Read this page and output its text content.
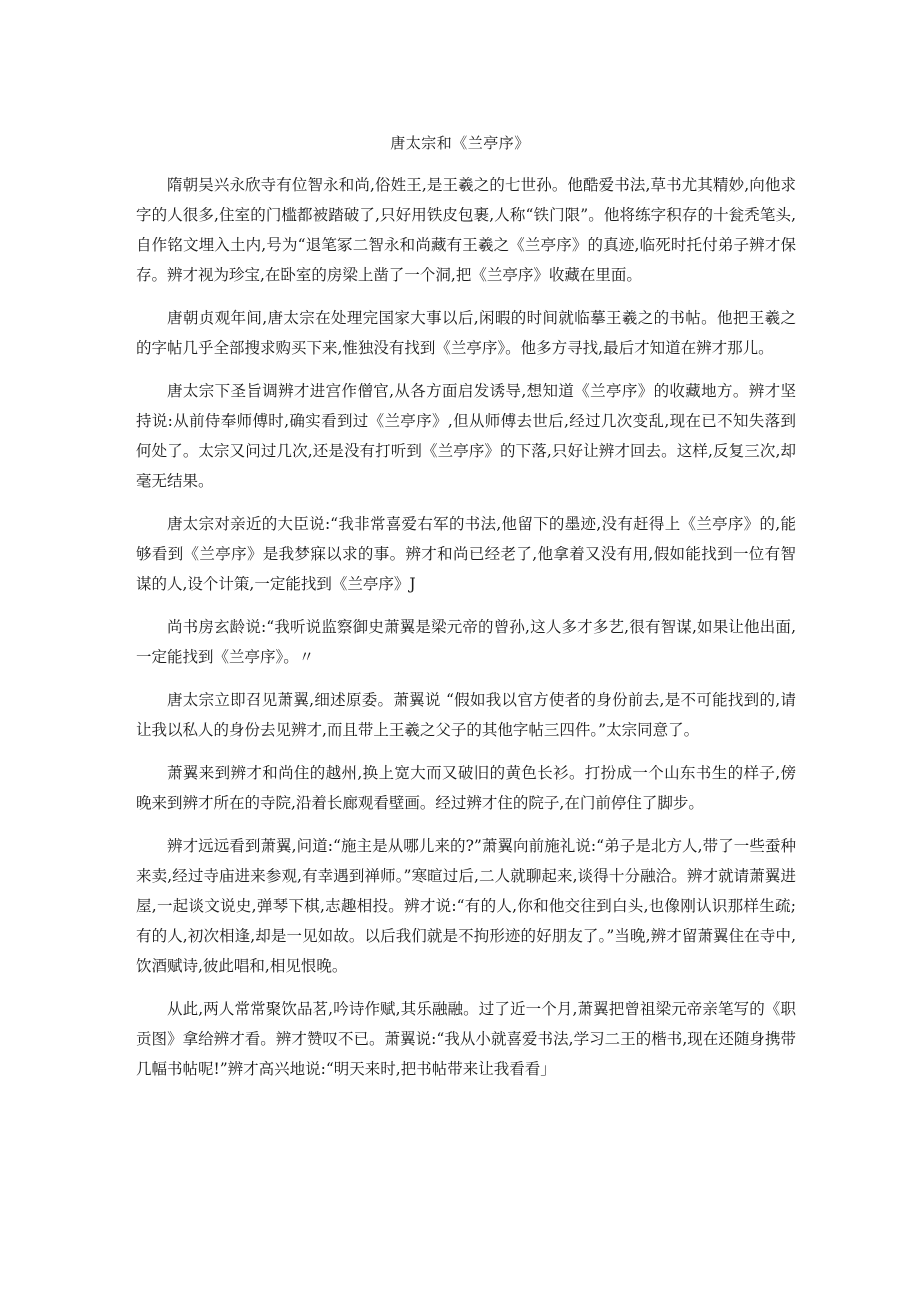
唐太宗和《兰亭序》

隋朝吴兴永欣寺有位智永和尚,俗姓王,是王羲之的七世孙。他酷爱书法,草书尤其精妙,向他求字的人很多,住室的门槛都被踏破了,只好用铁皮包裹,人称“铁门限”。他将练字积存的十瓮秃笔头,自作铭文埋入土内,号为“退笔冢二智永和尚藏有王羲之《兰亭序》的真迹,临死时托付弟子辨才保存。辨才视为珍宝,在卧室的房梁上凿了一个洞,把《兰亭序》收藏在里面。

唐朝贞观年间,唐太宗在处理完国家大事以后,闲暇的时间就临摹王羲之的书帖。他把王羲之的字帖几乎全部搜求购买下来,惟独没有找到《兰亭序》。他多方寻找,最后才知道在辨才那儿。

唐太宗下圣旨调辨才进宫作僧官,从各方面启发诱导,想知道《兰亭序》的收藏地方。辨才坚持说:从前侍奉师傅时,确实看到过《兰亭序》,但从师傅去世后,经过几次变乱,现在已不知失落到何处了。太宗又问过几次,还是没有打听到《兰亭序》的下落,只好让辨才回去。这样,反复三次,却毫无结果。

唐太宗对亲近的大臣说:“我非常喜爱右军的书法,他留下的墨迹,没有赶得上《兰亭序》的,能够看到《兰亭序》是我梦寐以求的事。辨才和尚已经老了,他拿着又没有用,假如能找到一位有智谋的人,设个计策,一定能找到《兰亭序》J

尚书房玄龄说:“我听说监察御史萧翼是梁元帝的曾孙,这人多才多艺,很有智谋,如果让他出面,一定能找到《兰亭序》。〃

唐太宗立即召见萧翼,细述原委。萧翼说 “假如我以官方使者的身份前去,是不可能找到的,请让我以私人的身份去见辨才,而且带上王羲之父子的其他字帖三四件。”太宗同意了。

萧翼来到辨才和尚住的越州,换上宽大而又破旧的黄色长衫。打扮成一个山东书生的样子,傍晚来到辨才所在的寺院,沿着长廊观看壁画。经过辨才住的院子,在门前停住了脚步。

辨才远远看到萧翼,问道:“施主是从哪儿来的?”萧翼向前施礼说:“弟子是北方人,带了一些蚕种来卖,经过寺庙进来参观,有幸遇到禅师。”寒暄过后,二人就聊起来,谈得十分融洽。辨才就请萧翼进屋,一起谈文说史,弹琴下棋,志趣相投。辨才说:“有的人,你和他交往到白头,也像刚认识那样生疏;有的人,初次相逢,却是一见如故。以后我们就是不拘形迹的好朋友了。”当晚,辨才留萧翼住在寺中,饮酒赋诗,彼此唱和,相见恨晚。

从此,两人常常聚饮品茗,吟诗作赋,其乐融融。过了近一个月,萧翼把曾祖梁元帝亲笔写的《职贡图》拿给辨才看。辨才赞叹不已。萧翼说:“我从小就喜爱书法,学习二王的楷书,现在还随身携带几幅书帖呢!”辨才高兴地说:“明天来时,把书帖带来让我看看」
